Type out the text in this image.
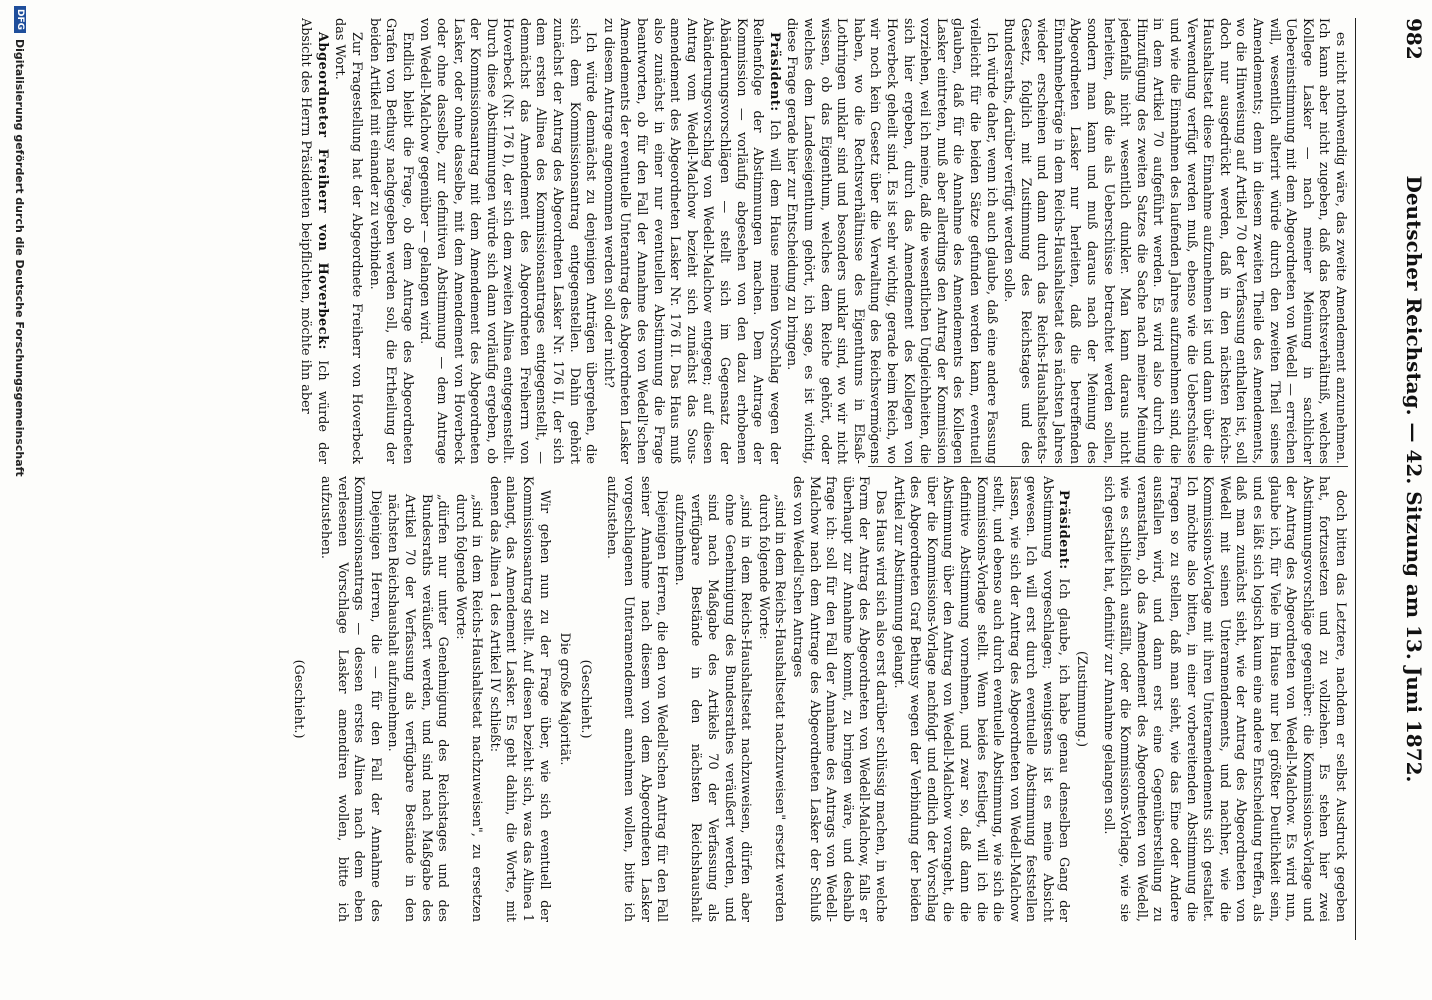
982
Deutscher Reichstag. — 42. Sitzung am 13. Juni 1872.

es nicht nothwendig wäre, das zweite Amendement anzunehmen. Ich kann aber nicht zugeben, daß das Rechtsverhältniß, welches Kollege Lasker — nach meiner Meinung in sachlicher Uebereinstimmung mit dem Abgeordneten von Wedell — erreichen will, wesentlich alterirt würde durch den zweiten Theil seines Amendements; denn in diesem zweiten Theile des Amendements, wo die Hinweisung auf Artikel 70 der Verfassung enthalten ist, soll doch nur ausgedrückt werden, daß in den nächsten Reichs-Haushaltsetat diese Einnahme aufzunehmen ist und dann über die Verwendung verfügt werden muß, ebenso wie die Ueberschüsse und wie die Einnahmen des laufenden Jahres aufzunehmen sind, die in dem Artikel 70 aufgeführt werden. Es wird also durch die Hinzufügung des zweiten Satzes die Sache nach meiner Meinung jedenfalls nicht wesentlich dunkler. Man kann daraus nicht herleiten, daß die als Ueberschüsse betrachtet werden sollen, sondern man kann und muß daraus nach der Meinung des Abgeordneten Lasker nur herleiten, daß die betreffenden Einnahmebeträge in dem Reichs-Haushaltsetat des nächsten Jahres wieder erscheinen und dann durch das Reichs-Haushaltsetats-Gesetz, folglich mit Zustimmung des Reichstages und des Bundesraths, darüber verfügt werden solle.

Ich würde daher, wenn ich auch glaube, daß eine andere Fassung vielleicht für die beiden Sätze gefunden werden kann, eventuell glauben, daß für die Annahme des Amendements des Kollegen Lasker eintreten, muß aber allerdings den Antrag der Kommission vorziehen, weil ich meine, daß die wesentlichen Ungleichheiten, die sich hier ergeben, durch das Amendement des Kollegen von Hoverbeck geheilt sind. Es ist sehr wichtig, gerade beim Reich, wo wir noch kein Gesetz über die Verwaltung des Reichsvermögens haben, wo die Rechtsverhältnisse des Eigenthums in Elsaß-Lothringen unklar sind und besonders unklar sind, wo wir nicht wissen, ob das Eigenthum, welches dem Reiche gehört, oder welches dem Landeseigenthum gehört, ich sage, es ist wichtig, diese Frage gerade hier zur Entscheidung zu bringen.

Präsident: Ich will dem Hause meinen Vorschlag wegen der Reihenfolge der Abstimmungen machen. Dem Antrage der Kommission — vorläufig abgesehen von den dazu erhobenen Abänderungsvorschlägen — stellt sich im Gegensatz der Abänderungsvorschlag von Wedell-Malchow entgegen; auf diesen Antrag vom Wedell-Malchow bezieht sich zunächst das Sous-amendement des Abgeordneten Lasker Nr. 176 II. Das Haus muß also zunächst in einer nur eventuellen Abstimmung die Frage beantworten, ob für den Fall der Annahme des von Wedell'schen Amendements der eventuelle Unterantrag des Abgeordneten Lasker zu diesem Antrage angenommen werden soll oder nicht?

Ich würde demnächst zu denjenigen Anträgen übergehen, die sich dem Kommissionsantrag entgegenstellen. Dahin gehört zunächst der Antrag des Abgeordneten Lasker Nr. 176 II, der sich dem ersten Alinea des Kommissionsantrages entgegenstellt, — demnächst das Amendement des Abgeordneten Freiherrn von Hoverbeck (Nr. 176 I), der sich dem zweiten Alinea entgegenstellt. Durch diese Abstimmungen würde sich dann vorläufig ergeben, ob der Kommissionsantrag mit dem Amendement des Abgeordneten Lasker, oder ohne dasselbe, mit dem Amendement von Hoverbeck oder ohne dasselbe, zur definitiven Abstimmung — dem Antrage von Wedell-Malchow gegenüber — gelangen wird.

Endlich bleibt die Frage, ob dem Antrage des Abgeordneten Grafen von Bethusy nachgegeben werden soll, die Ertheilung der beiden Artikel mit einander zu verbinden.

Zur Fragestellung hat der Abgeordnete Freiherr von Hoverbeck das Wort.

Abgeordneter Freiherr von Hoverbeck: Ich würde der Absicht des Herrn Präsidenten beipflichten, möchte ihn aber

doch bitten das Letztere, nachdem er selbst Ausdruck gegeben hat, fortzusetzen und zu vollziehen. Es stehen hier zwei Abstimmungsvorschläge gegenüber: die Kommissions-Vorlage und der Antrag des Abgeordneten von Wedell-Malchow. Es wird nun, glaube ich, für Viele im Hause nur bei größter Deutlichkeit sein, und es läßt sich logisch kaum eine andere Entscheidung treffen, als daß man zunächst sieht, wie der Antrag des Abgeordneten von Wedell mit seinen Unteramendements, und nachher, wie die Kommissions-Vorlage mit ihren Unteramendements sich gestaltet. Ich möchte also bitten, in einer vorbereitenden Abstimmung die Fragen so zu stellen, daß man sieht, wie das Eine oder Andere ausfallen wird, und dann erst eine Gegenüberstellung zu veranstalten, ob das Amendement des Abgeordneten von Wedell, wie es schließlich ausfällt, oder die Kommissions-Vorlage, wie sie sich gestaltet hat, definitiv zur Annahme gelangen soll.

(Zustimmung.)

Präsident: Ich glaube, ich habe genau denselben Gang der Abstimmung vorgeschlagen; wenigstens ist es meine Absicht gewesen. Ich will erst durch eventuelle Abstimmung feststellen lassen, wie sich der Antrag des Abgeordneten von Wedell-Malchow stellt, und ebenso auch durch eventuelle Abstimmung, wie sich die Kommissions-Vorlage stellt. Wenn beides festliegt, will ich die definitive Abstimmung vornehmen, und zwar so, daß dann die Abstimmung über den Antrag von Wedell-Malchow vorangeht, die über die Kommissions-Vorlage nachfolgt und endlich der Vorschlag des Abgeordneten Graf Bethusy wegen der Verbindung der beiden Artikel zur Abstimmung gelangt.

Das Haus wird sich also erst darüber schlüssig machen, in welche Form der Antrag des Abgeordneten von Wedell-Malchow, falls er überhaupt zur Annahme kommt, zu bringen wäre, und deshalb frage ich: soll für den Fall der Annahme des Antrags von Wedell-Malchow nach dem Antrage des Abgeordneten Lasker der Schluß des von Wedell'schen Antrages

„sind in dem Reichs-Haushaltsetat nachzuweisen" ersetzt werden durch folgende Worte:

„sind in dem Reichs-Haushaltsetat nachzuweisen, dürfen aber ohne Genehmigung des Bundesrathes veräußert werden, und sind nach Maßgabe des Artikels 70 der Verfassung als verfügbare Bestände in den nächsten Reichshaushalt aufzunehmen.

Diejenigen Herren, die den von Wedell'schen Antrag für den Fall seiner Annahme nach diesem von dem Abgeordneten Lasker vorgeschlagenen Unteramendement annehmen wollen, bitte ich aufzustehen.

(Geschieht.)

Die große Majorität.

Wir gehen nun zu der Frage über, wie sich eventuell der Kommissionsantrag stellt. Auf diesen bezieht sich, was das Alinea 1 anlangt, das Amendement Lasker. Es geht dahin, die Worte, mit denen das Alinea 1 des Artikel IV schließt:

„sind in dem Reichs-Haushaltsetat nachzuweisen", zu ersetzen durch folgende Worte:

„dürfen nur unter Genehmigung des Reichstages und des Bundesraths veräußert werden, und sind nach Maßgabe des Artikel 70 der Verfassung als verfügbare Bestände in den nächsten Reichshaushalt aufzunehmen.

Diejenigen Herren, die — für den Fall der Annahme des Kommissionsantrags — dessen erstes Alinea nach dem eben verlesenen Vorschlage Lasker amendiren wollen, bitte ich aufzustehen.

(Geschieht.)

DFG
Digitalisierung gefördert durch die Deutsche Forschungsgemeinschaft
